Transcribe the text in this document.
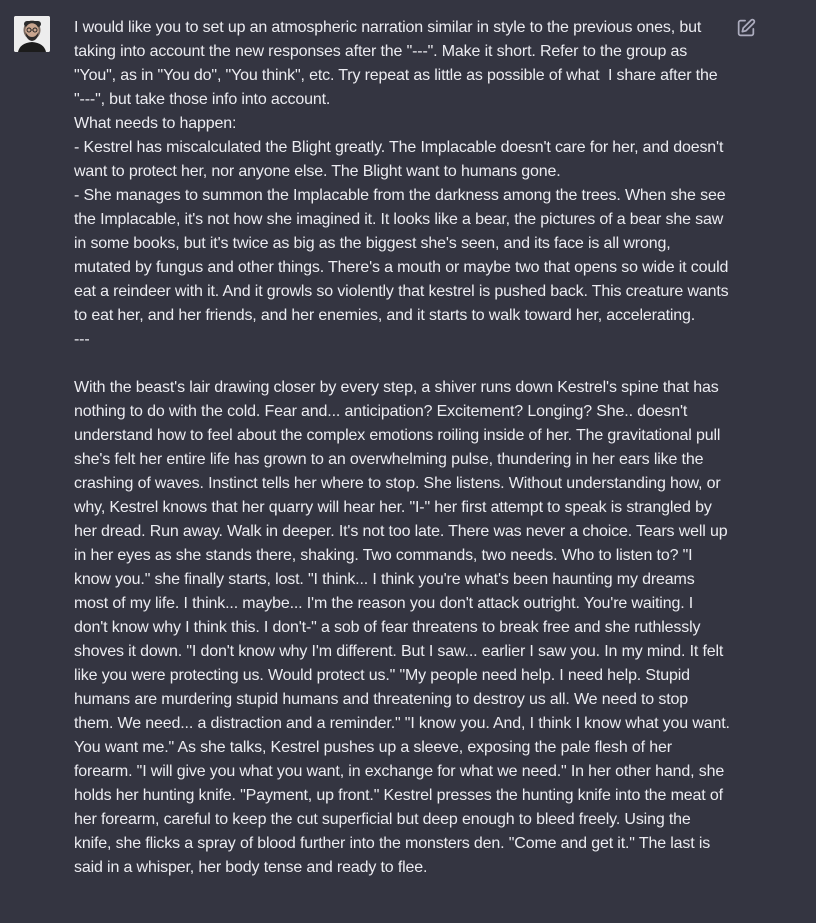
I would like you to set up an atmospheric narration similar in style to the previous ones, but taking into account the new responses after the "---". Make it short. Refer to the group as "You", as in "You do", "You think", etc. Try repeat as little as possible of what  I share after the "---", but take those info into account.
What needs to happen:
- Kestrel has miscalculated the Blight greatly. The Implacable doesn't care for her, and doesn't want to protect her, nor anyone else. The Blight want to humans gone.
- She manages to summon the Implacable from the darkness among the trees. When she see the Implacable, it's not how she imagined it. It looks like a bear, the pictures of a bear she saw in some books, but it's twice as big as the biggest she's seen, and its face is all wrong, mutated by fungus and other things. There's a mouth or maybe two that opens so wide it could eat a reindeer with it. And it growls so violently that kestrel is pushed back. This creature wants to eat her, and her friends, and her enemies, and it starts to walk toward her, accelerating.
---

With the beast's lair drawing closer by every step, a shiver runs down Kestrel's spine that has nothing to do with the cold. Fear and... anticipation? Excitement? Longing? She.. doesn't understand how to feel about the complex emotions roiling inside of her. The gravitational pull she's felt her entire life has grown to an overwhelming pulse, thundering in her ears like the crashing of waves. Instinct tells her where to stop. She listens. Without understanding how, or why, Kestrel knows that her quarry will hear her. "I-" her first attempt to speak is strangled by her dread. Run away. Walk in deeper. It's not too late. There was never a choice. Tears well up in her eyes as she stands there, shaking. Two commands, two needs. Who to listen to? "I know you." she finally starts, lost. "I think... I think you're what's been haunting my dreams most of my life. I think... maybe... I'm the reason you don't attack outright. You're waiting. I don't know why I think this. I don't-" a sob of fear threatens to break free and she ruthlessly shoves it down. "I don't know why I'm different. But I saw... earlier I saw you. In my mind. It felt like you were protecting us. Would protect us." "My people need help. I need help. Stupid humans are murdering stupid humans and threatening to destroy us all. We need to stop them. We need... a distraction and a reminder." "I know you. And, I think I know what you want. You want me." As she talks, Kestrel pushes up a sleeve, exposing the pale flesh of her forearm. "I will give you what you want, in exchange for what we need." In her other hand, she holds her hunting knife. "Payment, up front." Kestrel presses the hunting knife into the meat of her forearm, careful to keep the cut superficial but deep enough to bleed freely. Using the knife, she flicks a spray of blood further into the monsters den. "Come and get it." The last is said in a whisper, her body tense and ready to flee.
